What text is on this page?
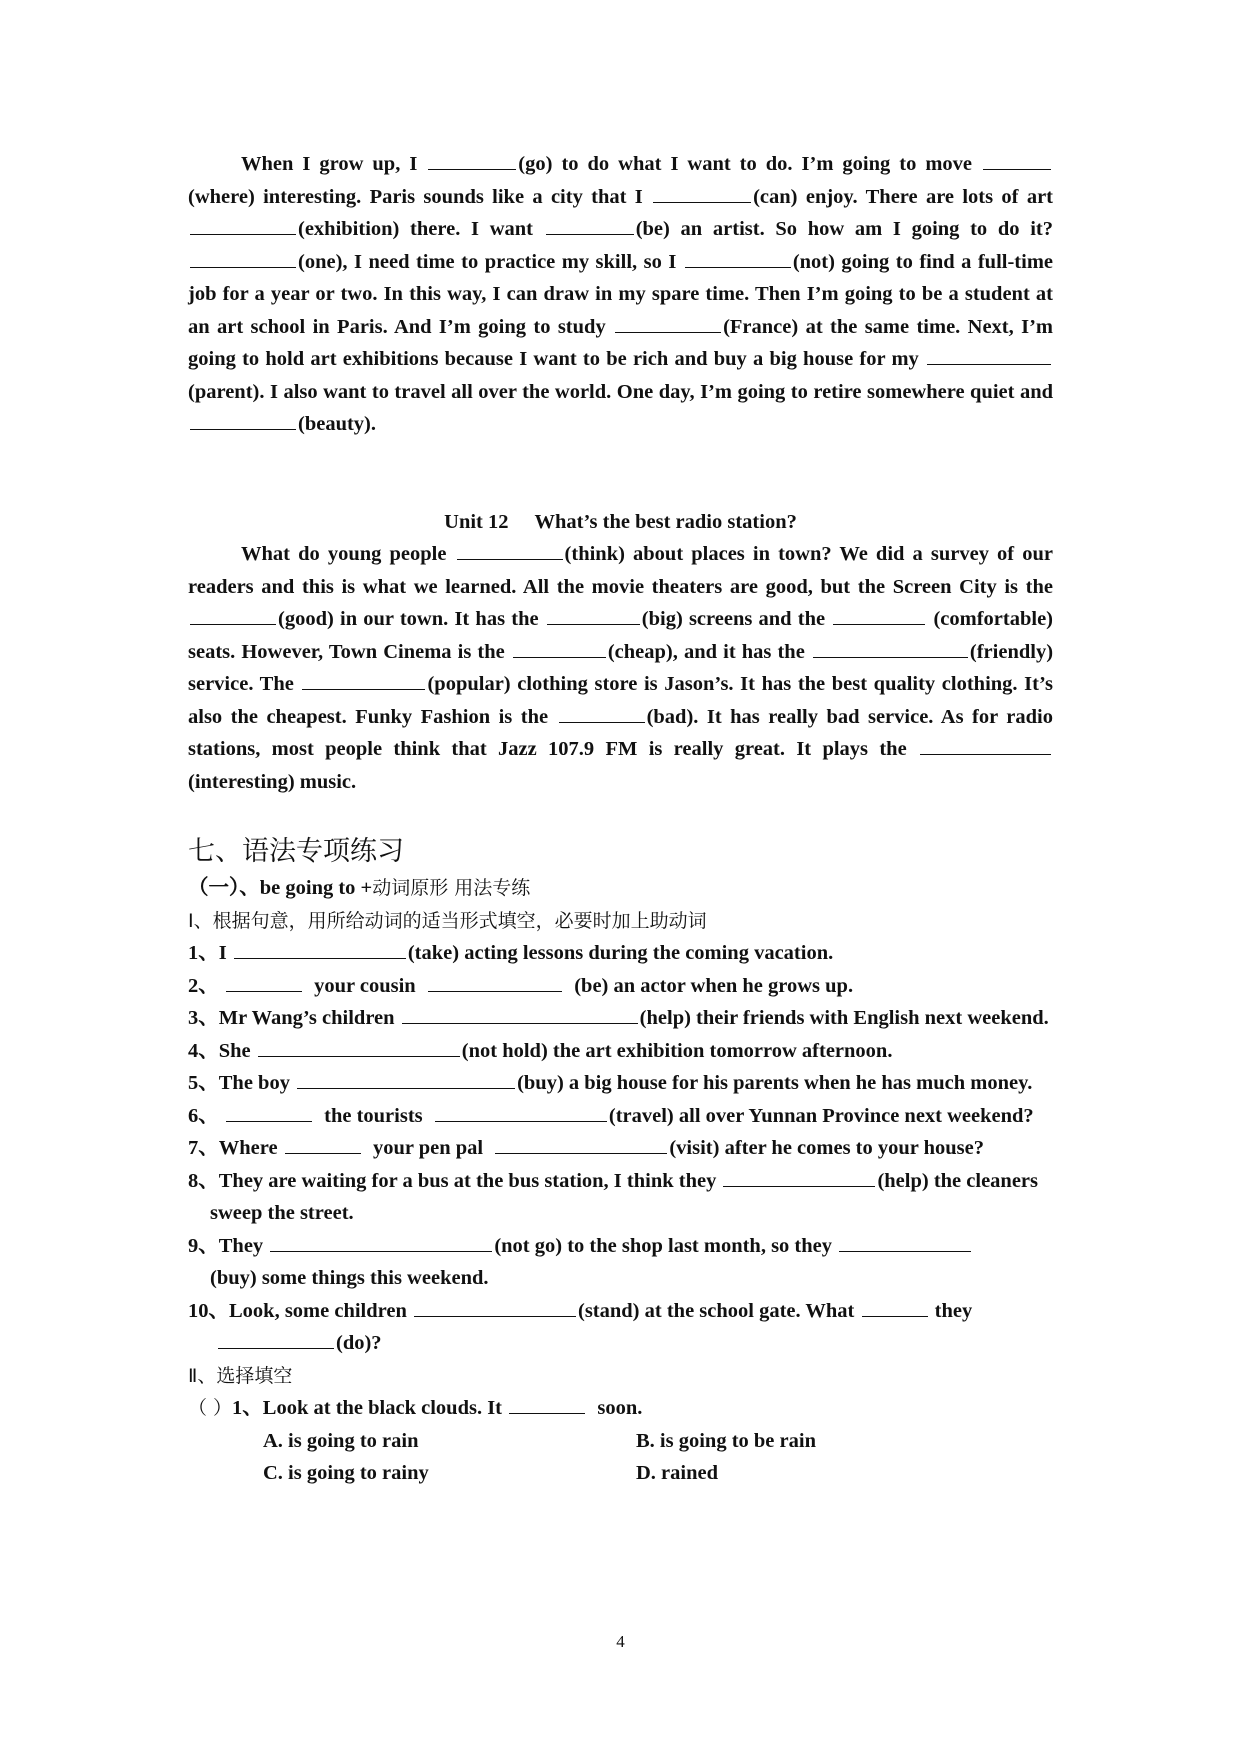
When I grow up, I	(go) to do what I want to do. I’m going to move  (where) interesting. Paris sounds like a city that I	(can) enjoy. There are lots of art (exhibition) there. I want	(be) an artist. So how am I going to do it? (one), I need time to practice my skill, so I	(not) going to find a full-time job for a year or two. In this way, I can draw in my spare time. Then I’m going to be a student at an art school in Paris. And I’m going to study	(France) at the same time. Next, I’m going to hold art exhibitions because I want to be rich and buy a big house for my (parent). I also want to travel all over the world. One day, I’m going to retire somewhere quiet and (beauty).

Unit 12 What’s the best radio station?

What do young people	(think) about places in town? We did a survey of our readers and this is what we learned. All the movie theaters are good, but the Screen City is the (good) in our town. It has the	(big) screens and the	(comfortable) seats. However, Town Cinema is the	(cheap), and it has the	(friendly) service. The	(popular) clothing store is Jason’s. It has the best quality clothing. It’s also the cheapest. Funky Fashion is the	(bad). It has really bad service. As for radio stations, most people think that Jazz 107.9 FM is really great. It plays the (interesting) music.

七、语法专项练习

（一）、be going to +动词原形 用法专练

Ⅰ、根据句意，用所给动词的适当形式填空，必要时加上助动词

1、I	(take) acting lessons during the coming vacation.

2、	your cousin	(be) an actor when he grows up.

3、Mr Wang’s children	(help) their friends with English next weekend.

4、She	(not hold) the art exhibition tomorrow afternoon.

5、The boy	(buy) a big house for his parents when he has much money.

6、	the tourists	(travel) all over Yunnan Province next weekend?

7、Where	your pen pal	(visit) after he comes to your house?

8、They are waiting for a bus at the bus station, I think they	(help) the cleaners

sweep the street.

9、They	(not go) to the shop last month, so they

(buy) some things this weekend.

10、Look, some children	(stand) at the school gate. What	they

(do)?

Ⅱ、选择填空

（ ）1、Look at the black clouds. It	soon.

A. is going to rain	B. is going to be rain
C. is going to rainy	D. rained
4
